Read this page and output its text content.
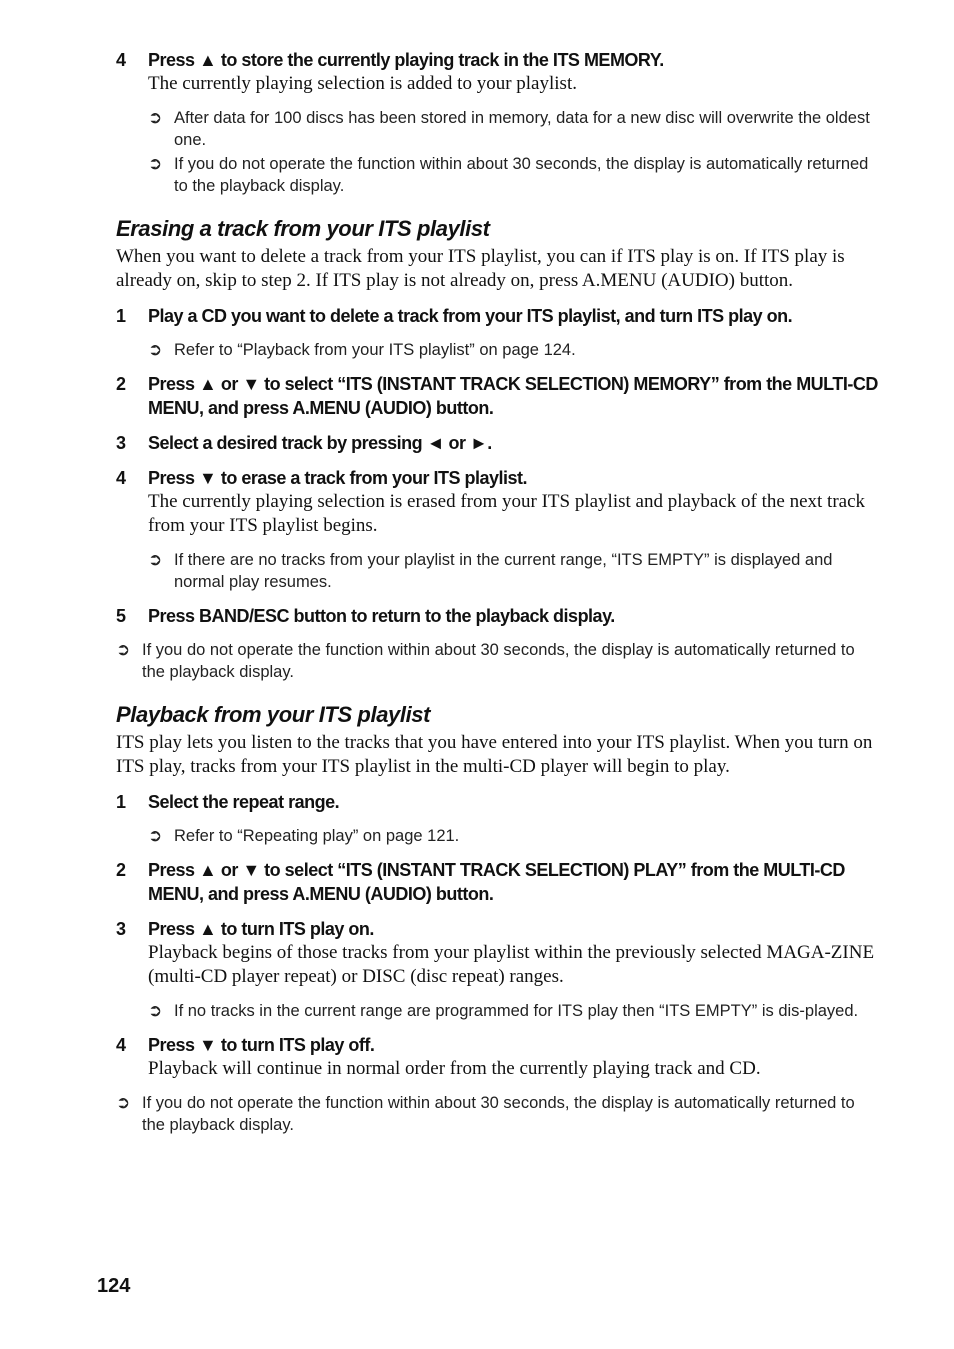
4	Press ▲ to store the currently playing track in the ITS MEMORY.
The currently playing selection is added to your playlist.
➲ After data for 100 discs has been stored in memory, data for a new disc will overwrite the oldest one.
➲ If you do not operate the function within about 30 seconds, the display is automatically returned to the playback display.
Erasing a track from your ITS playlist
When you want to delete a track from your ITS playlist, you can if ITS play is on. If ITS play is already on, skip to step 2. If ITS play is not already on, press A.MENU (AUDIO) button.
1	Play a CD you want to delete a track from your ITS playlist, and turn ITS play on.
➲ Refer to “Playback from your ITS playlist” on page 124.
2	Press ▲ or ▼ to select “ITS (INSTANT TRACK SELECTION) MEMORY” from the MULTI-CD MENU, and press A.MENU (AUDIO) button.
3	Select a desired track by pressing ◄ or ►.
4	Press ▼ to erase a track from your ITS playlist.
The currently playing selection is erased from your ITS playlist and playback of the next track from your ITS playlist begins.
➲ If there are no tracks from your playlist in the current range, “ITS EMPTY” is displayed and normal play resumes.
5	Press BAND/ESC button to return to the playback display.
➲ If you do not operate the function within about 30 seconds, the display is automatically returned to the playback display.
Playback from your ITS playlist
ITS play lets you listen to the tracks that you have entered into your ITS playlist. When you turn on ITS play, tracks from your ITS playlist in the multi-CD player will begin to play.
1	Select the repeat range.
➲ Refer to “Repeating play” on page 121.
2	Press ▲ or ▼ to select “ITS (INSTANT TRACK SELECTION) PLAY” from the MULTI-CD MENU, and press A.MENU (AUDIO) button.
3	Press ▲ to turn ITS play on.
Playback begins of those tracks from your playlist within the previously selected MAGA-ZINE (multi-CD player repeat) or DISC (disc repeat) ranges.
➲ If no tracks in the current range are programmed for ITS play then “ITS EMPTY” is dis-played.
4	Press ▼ to turn ITS play off.
Playback will continue in normal order from the currently playing track and CD.
➲ If you do not operate the function within about 30 seconds, the display is automatically returned to the playback display.
124
